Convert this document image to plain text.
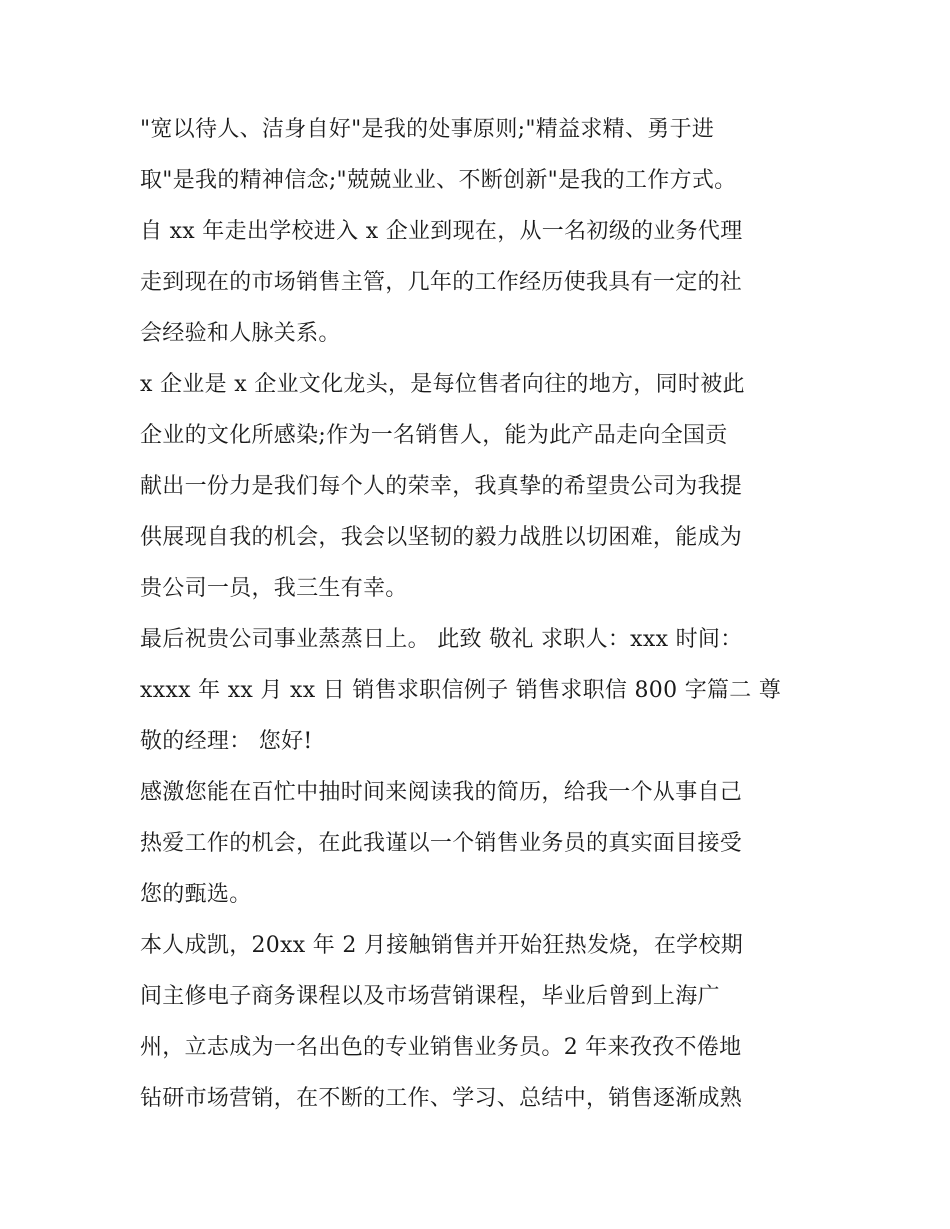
"宽以待人、洁身自好"是我的处事原则;"精益求精、勇于进
取"是我的精神信念;"兢兢业业、不断创新"是我的工作方式。
自 xx 年走出学校进入 x 企业到现在，从一名初级的业务代理
走到现在的市场销售主管，几年的工作经历使我具有一定的社
会经验和人脉关系。
x 企业是 x 企业文化龙头，是每位售者向往的地方，同时被此
企业的文化所感染;作为一名销售人，能为此产品走向全国贡
献出一份力是我们每个人的荣幸，我真挚的希望贵公司为我提
供展现自我的机会，我会以坚韧的毅力战胜以切困难，能成为
贵公司一员，我三生有幸。
最后祝贵公司事业蒸蒸日上。 此致 敬礼 求职人：xxx 时间：
xxxx 年 xx 月 xx 日 销售求职信例子 销售求职信 800 字篇二 尊
敬的经理： 您好!
感激您能在百忙中抽时间来阅读我的简历，给我一个从事自己
热爱工作的机会，在此我谨以一个销售业务员的真实面目接受
您的甄选。
本人成凯，20xx 年 2 月接触销售并开始狂热发烧，在学校期
间主修电子商务课程以及市场营销课程，毕业后曾到上海广
州，立志成为一名出色的专业销售业务员。2 年来孜孜不倦地
钻研市场营销，在不断的工作、学习、总结中，销售逐渐成熟
